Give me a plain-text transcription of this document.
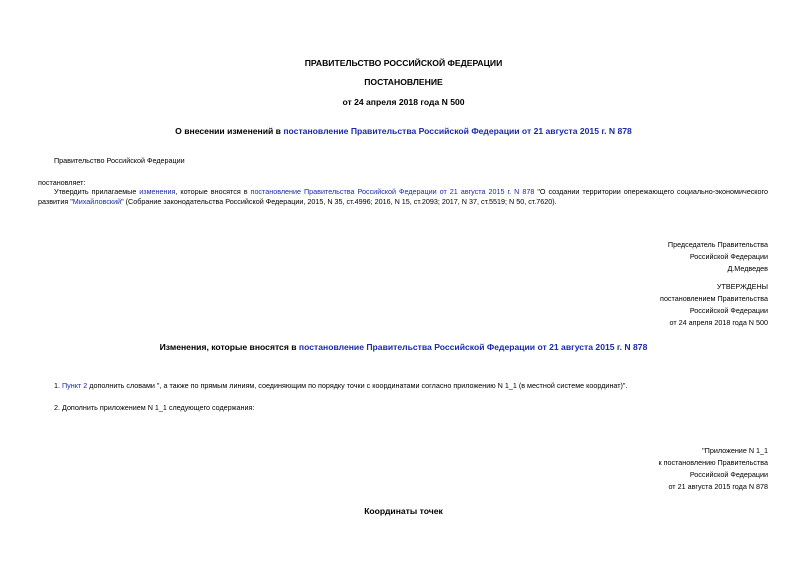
ПРАВИТЕЛЬСТВО РОССИЙСКОЙ ФЕДЕРАЦИИ
ПОСТАНОВЛЕНИЕ
от 24 апреля 2018 года N 500
О внесении изменений в постановление Правительства Российской Федерации от 21 августа 2015 г. N 878
Правительство Российской Федерации
постановляет:
Утвердить прилагаемые изменения, которые вносятся в постановление Правительства Российской Федерации от 21 августа 2015 г. N 878 "О создании территории опережающего социально-экономического развития "Михайловский" (Собрание законодательства Российской Федерации, 2015, N 35, ст.4996; 2016, N 15, ст.2093; 2017, N 37, ст.5519; N 50, ст.7620).
Председатель Правительства
Российской Федерации
Д.Медведев
УТВЕРЖДЕНЫ
постановлением Правительства
Российской Федерации
от 24 апреля 2018 года N 500
Изменения, которые вносятся в постановление Правительства Российской Федерации от 21 августа 2015 г. N 878
1. Пункт 2 дополнить словами ", а также по прямым линиям, соединяющим по порядку точки с координатами согласно приложению N 1_1 (в местной системе координат)".
2. Дополнить приложением N 1_1 следующего содержания:
"Приложение N 1_1
к постановлению Правительства
Российской Федерации
от 21 августа 2015 года N 878
Координаты точек
